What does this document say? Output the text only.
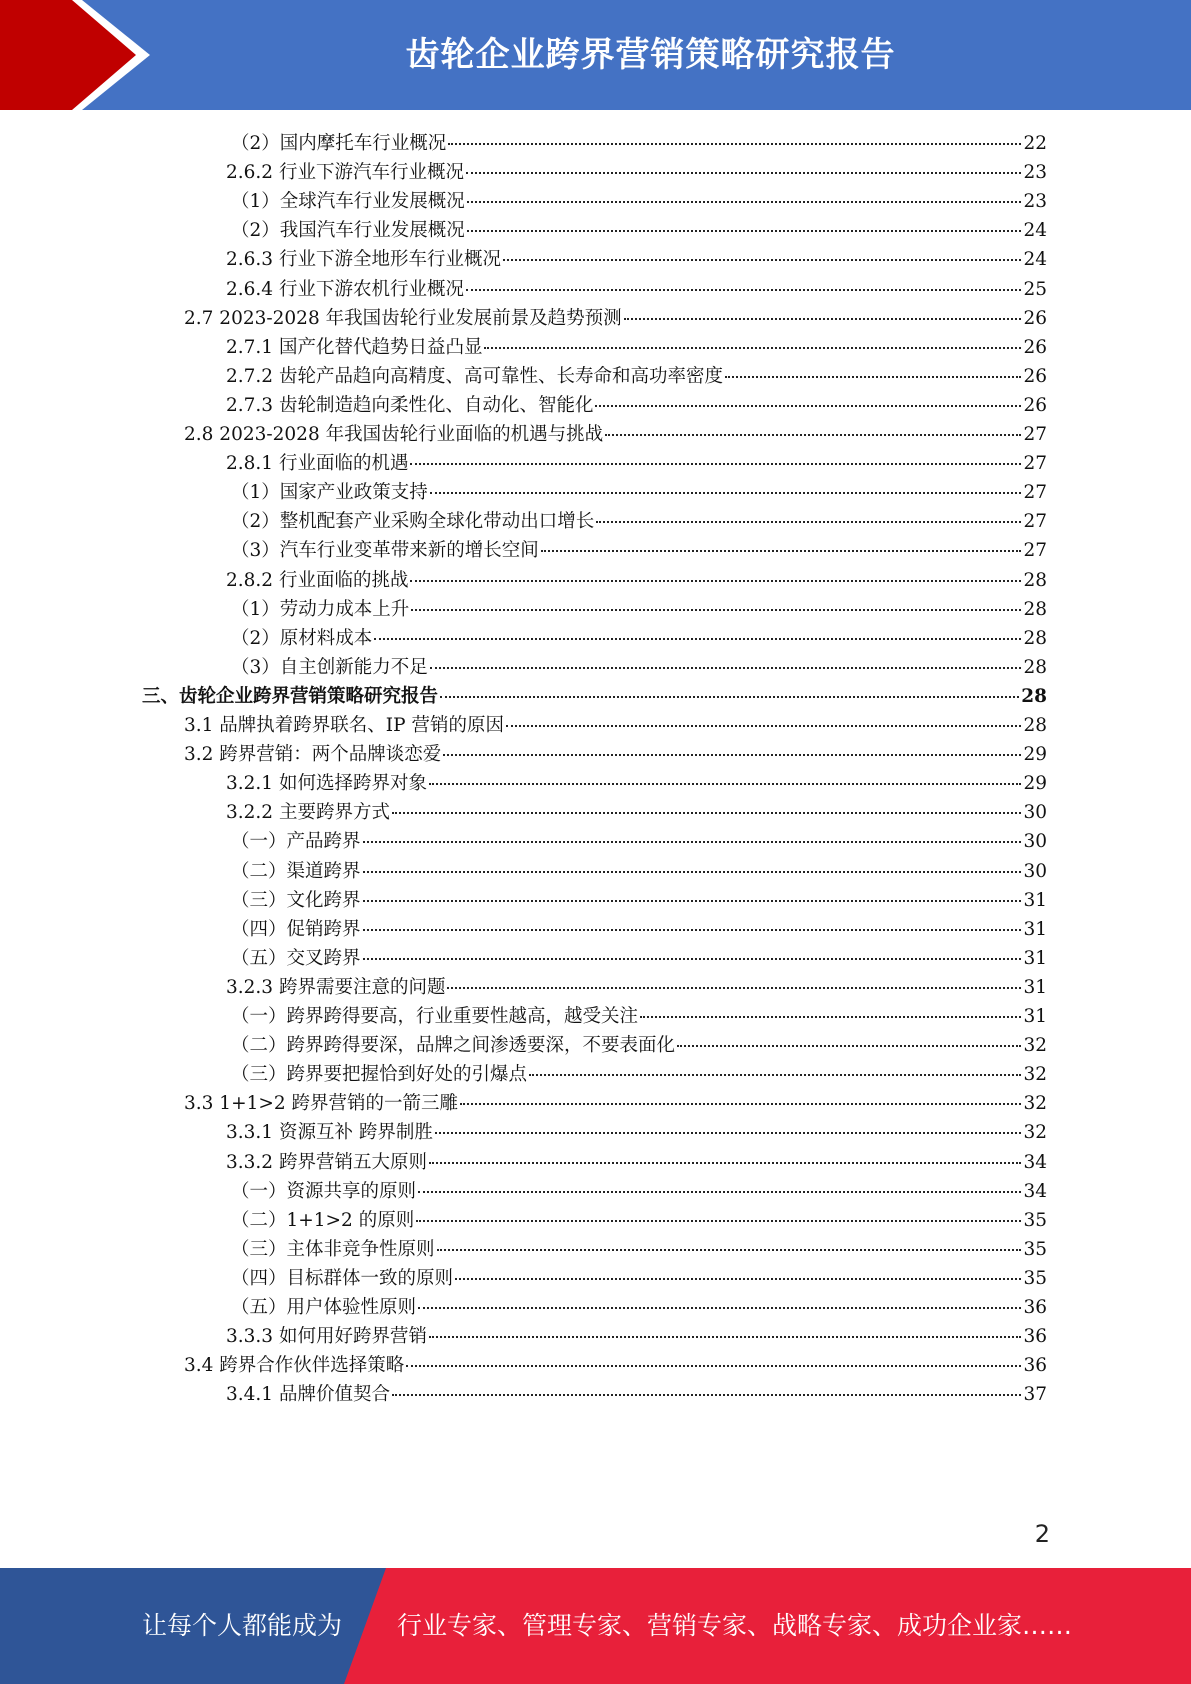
齿轮企业跨界营销策略研究报告
（2）国内摩托车行业概况	22
2.6.2 行业下游汽车行业概况	23
（1）全球汽车行业发展概况	23
（2）我国汽车行业发展概况	24
2.6.3 行业下游全地形车行业概况	24
2.6.4 行业下游农机行业概况	25
2.7 2023-2028 年我国齿轮行业发展前景及趋势预测	26
2.7.1 国产化替代趋势日益凸显	26
2.7.2 齿轮产品趋向高精度、高可靠性、长寿命和高功率密度	26
2.7.3 齿轮制造趋向柔性化、自动化、智能化	26
2.8 2023-2028 年我国齿轮行业面临的机遇与挑战	27
2.8.1 行业面临的机遇	27
（1）国家产业政策支持	27
（2）整机配套产业采购全球化带动出口增长	27
（3）汽车行业变革带来新的增长空间	27
2.8.2 行业面临的挑战	28
（1）劳动力成本上升	28
（2）原材料成本	28
（3）自主创新能力不足	28
三、齿轮企业跨界营销策略研究报告	28
3.1 品牌执着跨界联名、IP 营销的原因	28
3.2 跨界营销：两个品牌谈恋爱	29
3.2.1 如何选择跨界对象	29
3.2.2 主要跨界方式	30
（一）产品跨界	30
（二）渠道跨界	30
（三）文化跨界	31
（四）促销跨界	31
（五）交叉跨界	31
3.2.3 跨界需要注意的问题	31
（一）跨界跨得要高，行业重要性越高，越受关注	31
（二）跨界跨得要深，品牌之间渗透要深，不要表面化	32
（三）跨界要把握恰到好处的引爆点	32
3.3 1+1>2 跨界营销的一箭三雕	32
3.3.1 资源互补 跨界制胜	32
3.3.2 跨界营销五大原则	34
（一）资源共享的原则	34
（二）1+1>2 的原则	35
（三）主体非竞争性原则	35
（四）目标群体一致的原则	35
（五）用户体验性原则	36
3.3.3 如何用好跨界营销	36
3.4 跨界合作伙伴选择策略	36
3.4.1 品牌价值契合	37
2
让每个人都能成为 行业专家、管理专家、营销专家、战略专家、成功企业家……
